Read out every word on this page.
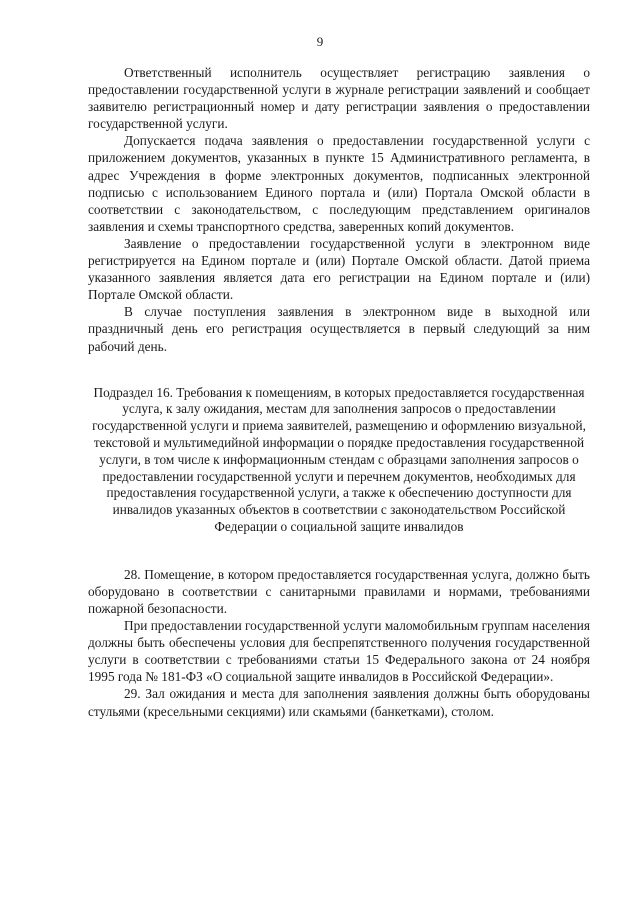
9

Ответственный исполнитель осуществляет регистрацию заявления о предоставлении государственной услуги в журнале регистрации заявлений и сообщает заявителю регистрационный номер и дату регистрации заявления о предоставлении государственной услуги.

Допускается подача заявления о предоставлении государственной услуги с приложением документов, указанных в пункте 15 Административного регламента, в адрес Учреждения в форме электронных документов, подписанных электронной подписью с использованием Единого портала и (или) Портала Омской области в соответствии с законодательством, с последующим представлением оригиналов заявления и схемы транспортного средства, заверенных копий документов.

Заявление о предоставлении государственной услуги в электронном виде регистрируется на Едином портале и (или) Портале Омской области. Датой приема указанного заявления является дата его регистрации на Едином портале и (или) Портале Омской области.

В случае поступления заявления в электронном виде в выходной или праздничный день его регистрация осуществляется в первый следующий за ним рабочий день.

Подраздел 16. Требования к помещениям, в которых предоставляется государственная услуга, к залу ожидания, местам для заполнения запросов о предоставлении государственной услуги и приема заявителей, размещению и оформлению визуальной, текстовой и мультимедийной информации о порядке предоставления государственной услуги, в том числе к информационным стендам с образцами заполнения запросов о предоставлении государственной услуги и перечнем документов, необходимых для предоставления государственной услуги, а также к обеспечению доступности для инвалидов указанных объектов в соответствии с законодательством Российской Федерации о социальной защите инвалидов

28. Помещение, в котором предоставляется государственная услуга, должно быть оборудовано в соответствии с санитарными правилами и нормами, требованиями пожарной безопасности.

При предоставлении государственной услуги маломобильным группам населения должны быть обеспечены условия для беспрепятственного получения государственной услуги в соответствии с требованиями статьи 15 Федерального закона от 24 ноября 1995 года № 181-ФЗ «О социальной защите инвалидов в Российской Федерации».

29. Зал ожидания и места для заполнения заявления должны быть оборудованы стульями (кресельными секциями) или скамьями (банкетками), столом.
